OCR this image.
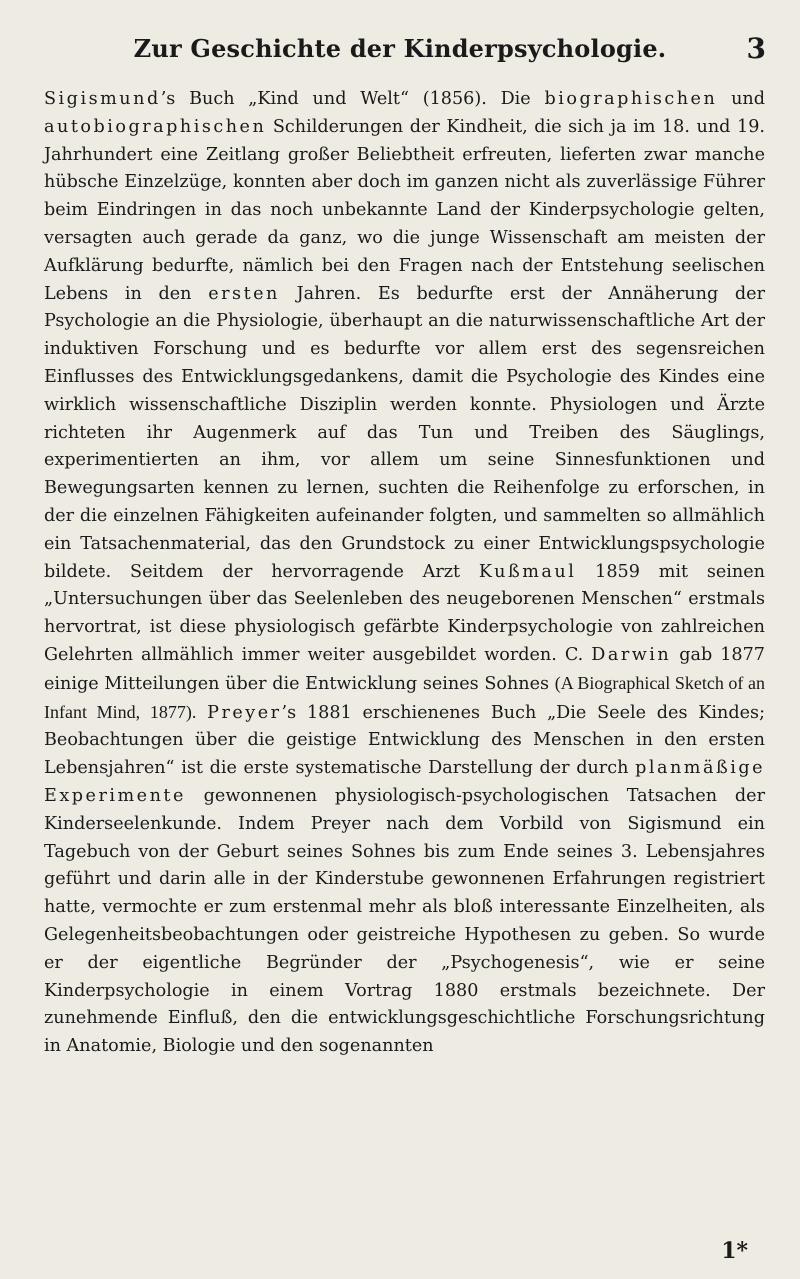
Zur Geschichte der Kinderpsychologie.	3

Sigismund’s Buch „Kind und Welt“ (1856). Die biographischen und autobiographischen Schilderungen der Kindheit, die sich ja im 18. und 19. Jahrhundert eine Zeitlang großer Beliebtheit erfreuten, lieferten zwar manche hübsche Einzelzüge, konnten aber doch im ganzen nicht als zuverlässige Führer beim Eindringen in das noch unbekannte Land der Kinderpsychologie gelten, versagten auch gerade da ganz, wo die junge Wissenschaft am meisten der Aufklärung bedurfte, nämlich bei den Fragen nach der Entstehung seelischen Lebens in den ersten Jahren. Es bedurfte erst der Annäherung der Psychologie an die Physiologie, überhaupt an die naturwissenschaftliche Art der induktiven Forschung und es bedurfte vor allem erst des segensreichen Einflusses des Entwicklungsgedankens, damit die Psychologie des Kindes eine wirklich wissenschaftliche Disziplin werden konnte. Physiologen und Ärzte richteten ihr Augenmerk auf das Tun und Treiben des Säuglings, experimentierten an ihm, vor allem um seine Sinnesfunktionen und Bewegungsarten kennen zu lernen, suchten die Reihenfolge zu erforschen, in der die einzelnen Fähigkeiten aufeinander folgten, und sammelten so allmählich ein Tatsachenmaterial, das den Grundstock zu einer Entwicklungspsychologie bildete. Seitdem der hervorragende Arzt Kußmaul 1859 mit seinen „Untersuchungen über das Seelenleben des neugeborenen Menschen“ erstmals hervortrat, ist diese physiologisch gefärbte Kinderpsychologie von zahlreichen Gelehrten allmählich immer weiter ausgebildet worden. C. Darwin gab 1877 einige Mitteilungen über die Entwicklung seines Sohnes (A Biographical Sketch of an Infant Mind, 1877). Preyer’s 1881 erschienenes Buch „Die Seele des Kindes; Beobachtungen über die geistige Entwicklung des Menschen in den ersten Lebensjahren“ ist die erste systematische Darstellung der durch planmäßige Experimente gewonnenen physiologisch-psychologischen Tatsachen der Kinderseelenkunde. Indem Preyer nach dem Vorbild von Sigismund ein Tagebuch von der Geburt seines Sohnes bis zum Ende seines 3. Lebensjahres geführt und darin alle in der Kinderstube gewonnenen Erfahrungen registriert hatte, vermochte er zum erstenmal mehr als bloß interessante Einzelheiten, als Gelegenheitsbeobachtungen oder geistreiche Hypothesen zu geben. So wurde er der eigentliche Begründer der „Psychogenesis“, wie er seine Kinderpsychologie in einem Vortrag 1880 erstmals bezeichnete. Der zunehmende Einfluß, den die entwicklungsgeschichtliche Forschungsrichtung in Anatomie, Biologie und den sogenannten

1*
